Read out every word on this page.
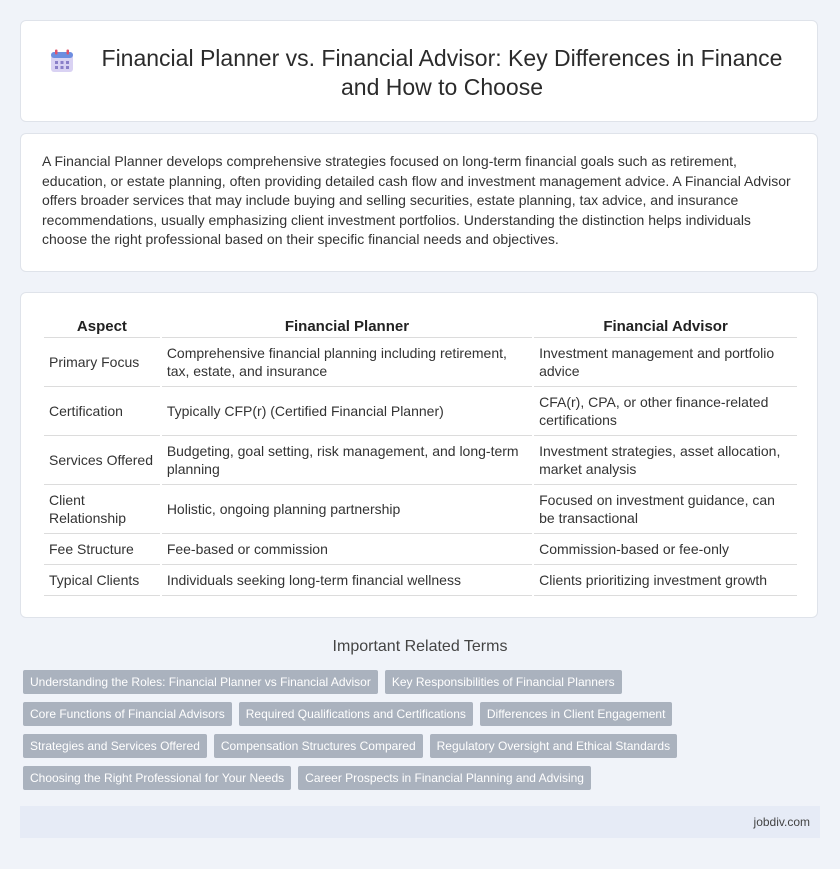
Financial Planner vs. Financial Advisor: Key Differences in Finance and How to Choose

A Financial Planner develops comprehensive strategies focused on long-term financial goals such as retirement, education, or estate planning, often providing detailed cash flow and investment management advice. A Financial Advisor offers broader services that may include buying and selling securities, estate planning, tax advice, and insurance recommendations, usually emphasizing client investment portfolios. Understanding the distinction helps individuals choose the right professional based on their specific financial needs and objectives.

Aspect	Financial Planner	Financial Advisor
Primary Focus	Comprehensive financial planning including retirement, tax, estate, and insurance	Investment management and portfolio advice
Certification	Typically CFP(r) (Certified Financial Planner)	CFA(r), CPA, or other finance-related certifications
Services Offered	Budgeting, goal setting, risk management, and long-term planning	Investment strategies, asset allocation, market analysis
Client Relationship	Holistic, ongoing planning partnership	Focused on investment guidance, can be transactional
Fee Structure	Fee-based or commission	Commission-based or fee-only
Typical Clients	Individuals seeking long-term financial wellness	Clients prioritizing investment growth
Important Related Terms
Understanding the Roles: Financial Planner vs Financial Advisor	Key Responsibilities of Financial Planners
Core Functions of Financial Advisors	Required Qualifications and Certifications	Differences in Client Engagement
Strategies and Services Offered	Compensation Structures Compared	Regulatory Oversight and Ethical Standards
Choosing the Right Professional for Your Needs	Career Prospects in Financial Planning and Advising
jobdiv.com
